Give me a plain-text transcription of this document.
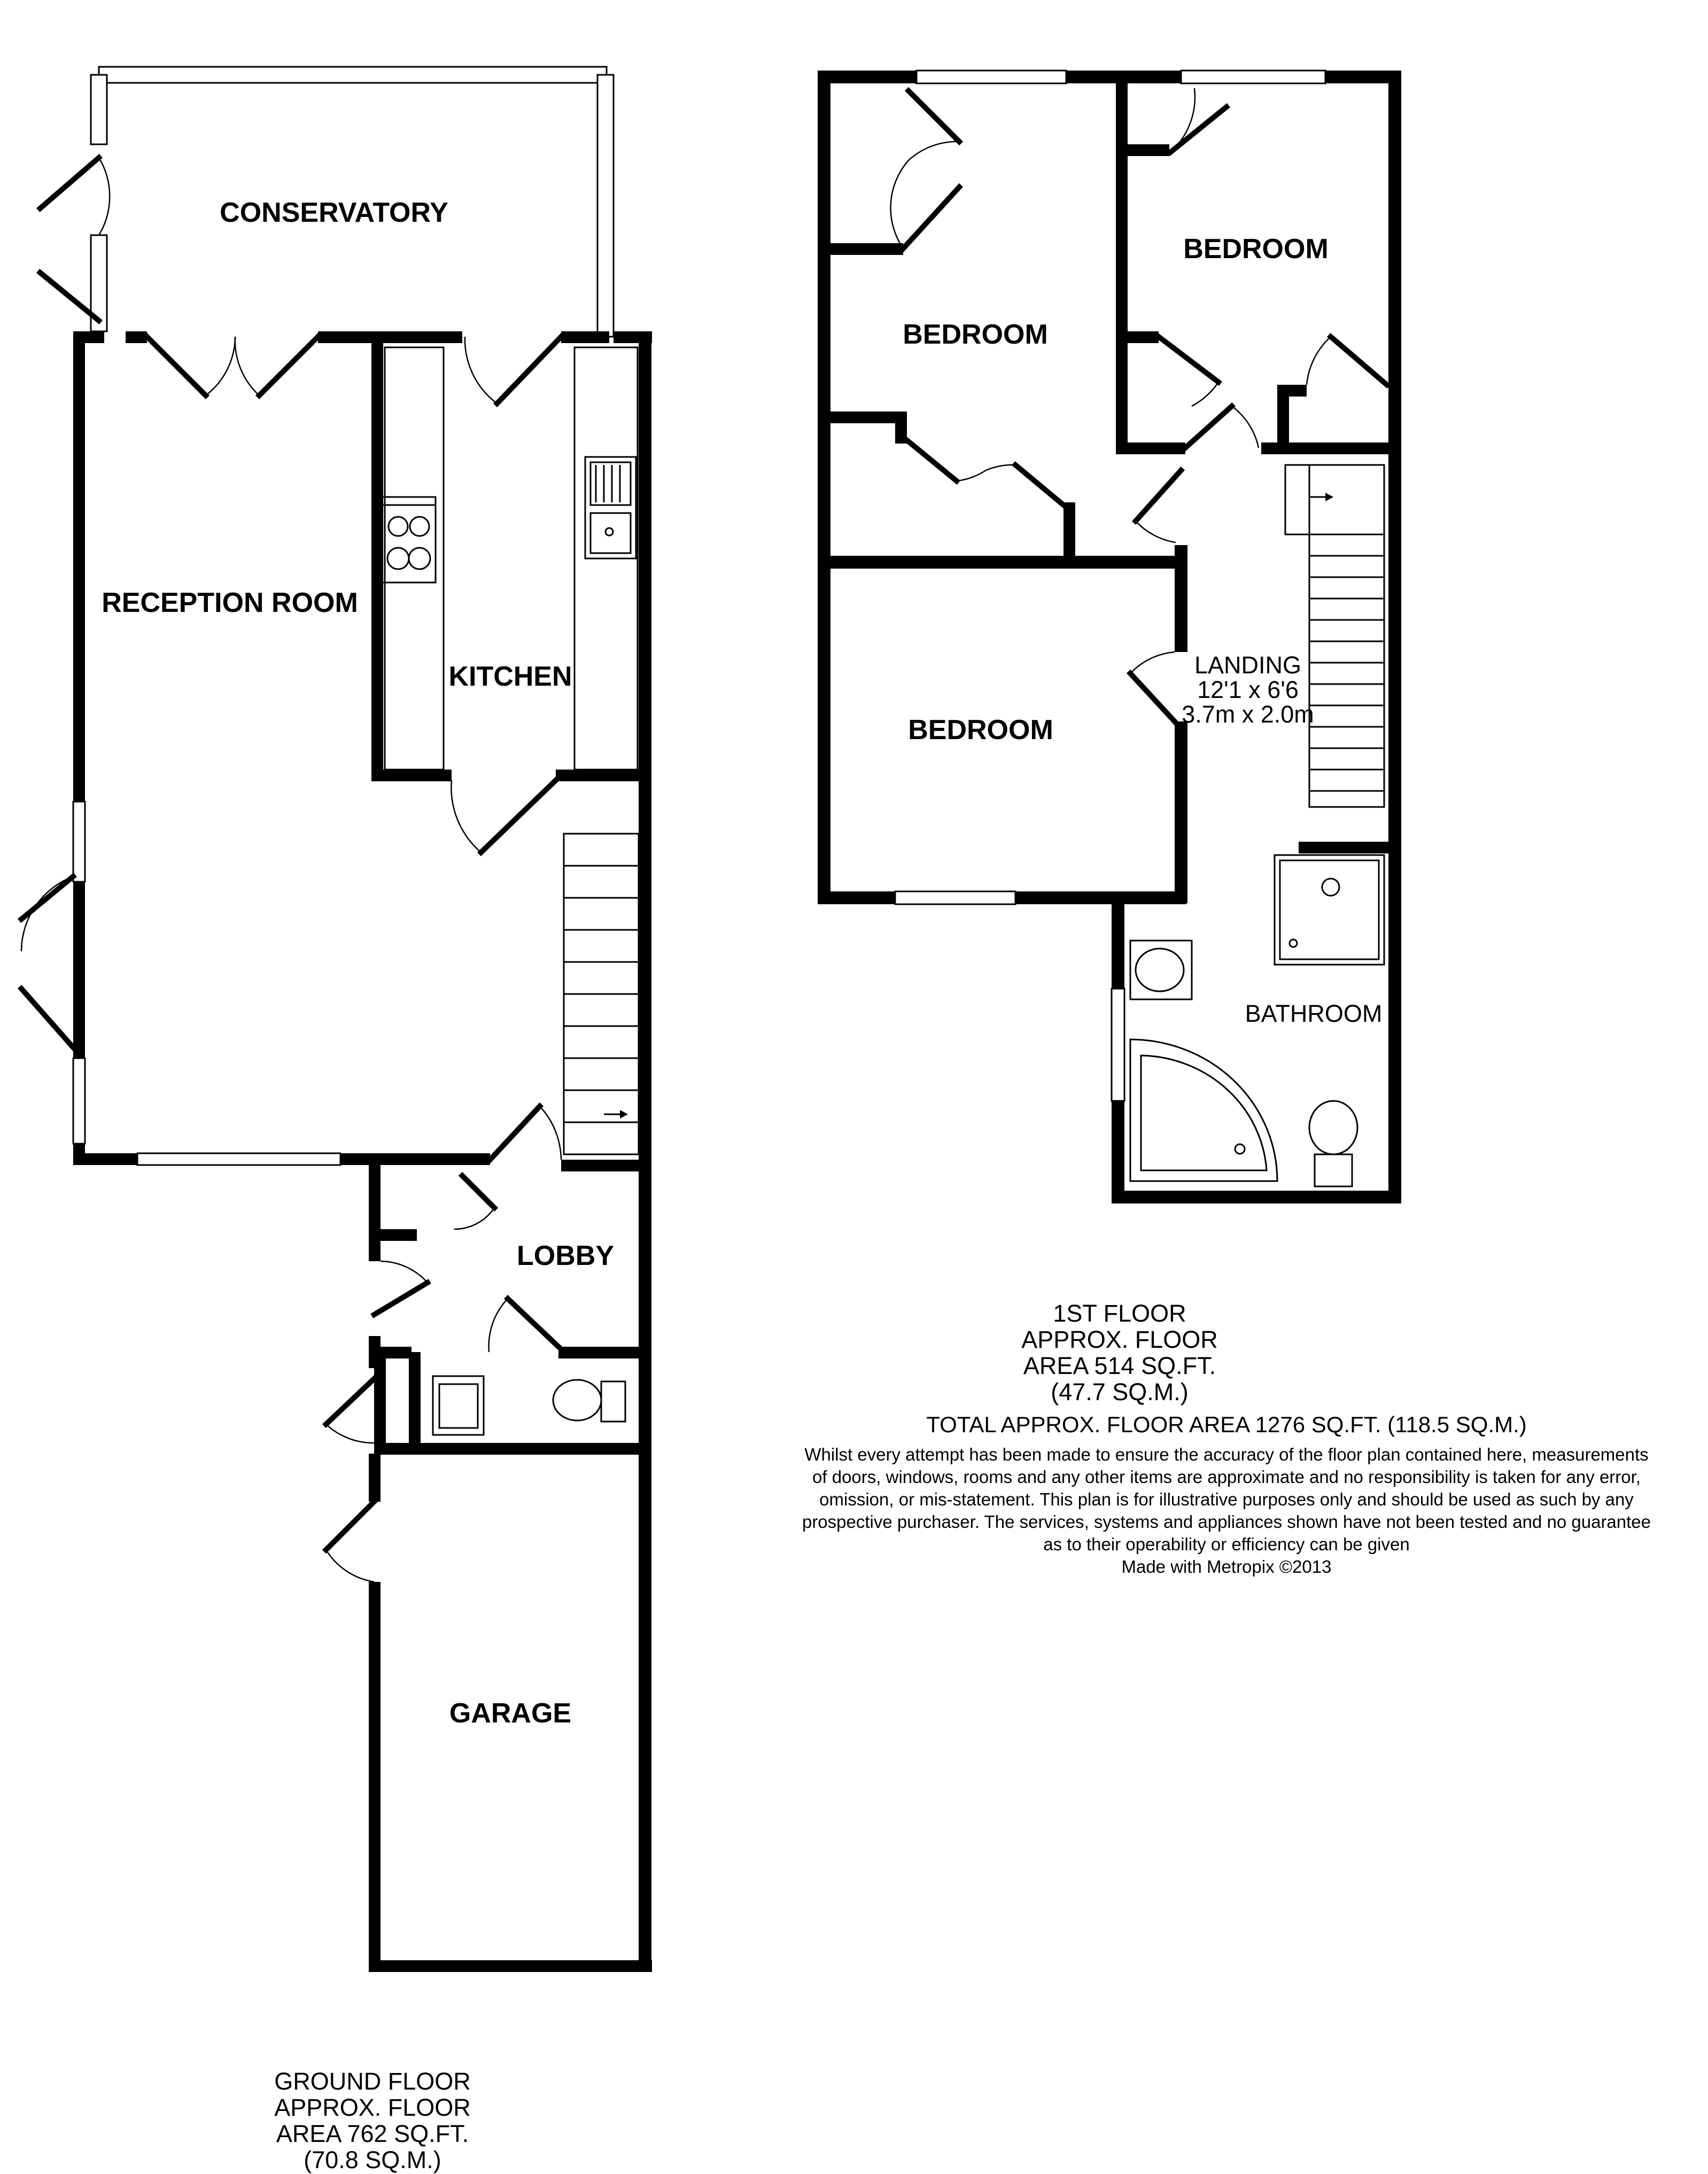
CONSERVATORY
RECEPTION ROOM
KITCHEN
LOBBY
GARAGE
BEDROOM
BEDROOM
BEDROOM
BATHROOM
LANDING
12'1 x 6'6
3.7m x 2.0m
1ST FLOOR
APPROX. FLOOR
AREA 514 SQ.FT.
(47.7 SQ.M.)
TOTAL APPROX. FLOOR AREA 1276 SQ.FT. (118.5 SQ.M.)
Whilst every attempt has been made to ensure the accuracy of the floor plan contained here, measurements
of doors, windows, rooms and any other items are approximate and no responsibility is taken for any error,
omission, or mis-statement. This plan is for illustrative purposes only and should be used as such by any
prospective purchaser. The services, systems and appliances shown have not been tested and no guarantee
as to their operability or efficiency can be given
Made with Metropix ©2013
GROUND FLOOR
APPROX. FLOOR
AREA 762 SQ.FT.
(70.8 SQ.M.)
